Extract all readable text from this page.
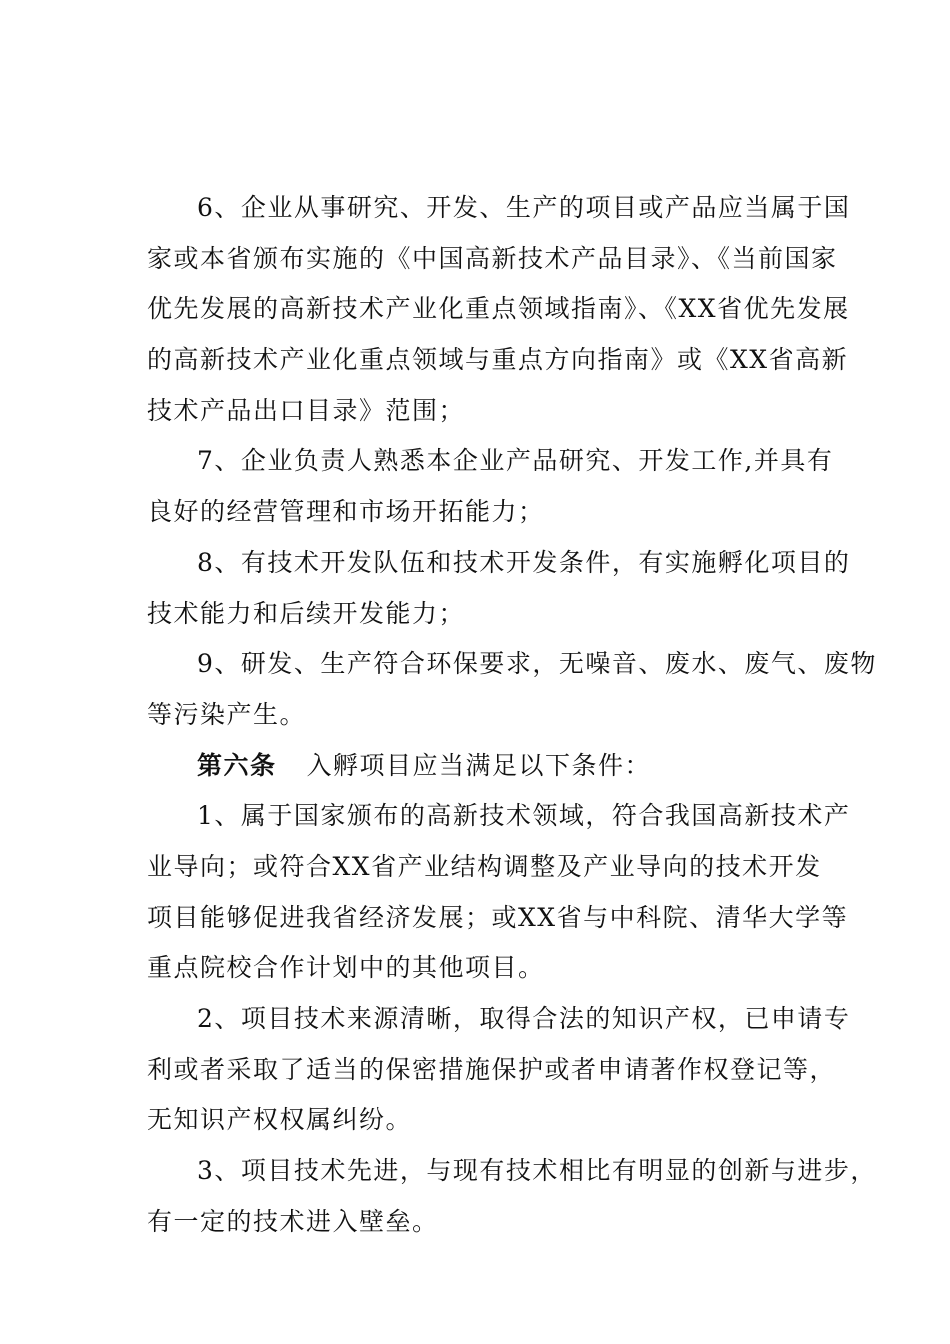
6、企业从事研究、开发、生产的项目或产品应当属于国
家或本省颁布实施的《中国高新技术产品目录》、《当前国家
优先发展的高新技术产业化重点领域指南》、《XX省优先发展
的高新技术产业化重点领域与重点方向指南》或《XX省高新
技术产品出口目录》范围；
7、企业负责人熟悉本企业产品研究、开发工作,并具有
良好的经营管理和市场开拓能力；
8、有技术开发队伍和技术开发条件，有实施孵化项目的
技术能力和后续开发能力；
9、研发、生产符合环保要求，无噪音、废水、废气、废物
等污染产生。
第六条 入孵项目应当满足以下条件：
1、属于国家颁布的高新技术领域，符合我国高新技术产
业导向；或符合XX省产业结构调整及产业导向的技术开发
项目能够促进我省经济发展；或XX省与中科院、清华大学等
重点院校合作计划中的其他项目。
2、项目技术来源清晰，取得合法的知识产权，已申请专
利或者采取了适当的保密措施保护或者申请著作权登记等，
无知识产权权属纠纷。
3、项目技术先进，与现有技术相比有明显的创新与进步，
有一定的技术进入壁垒。
